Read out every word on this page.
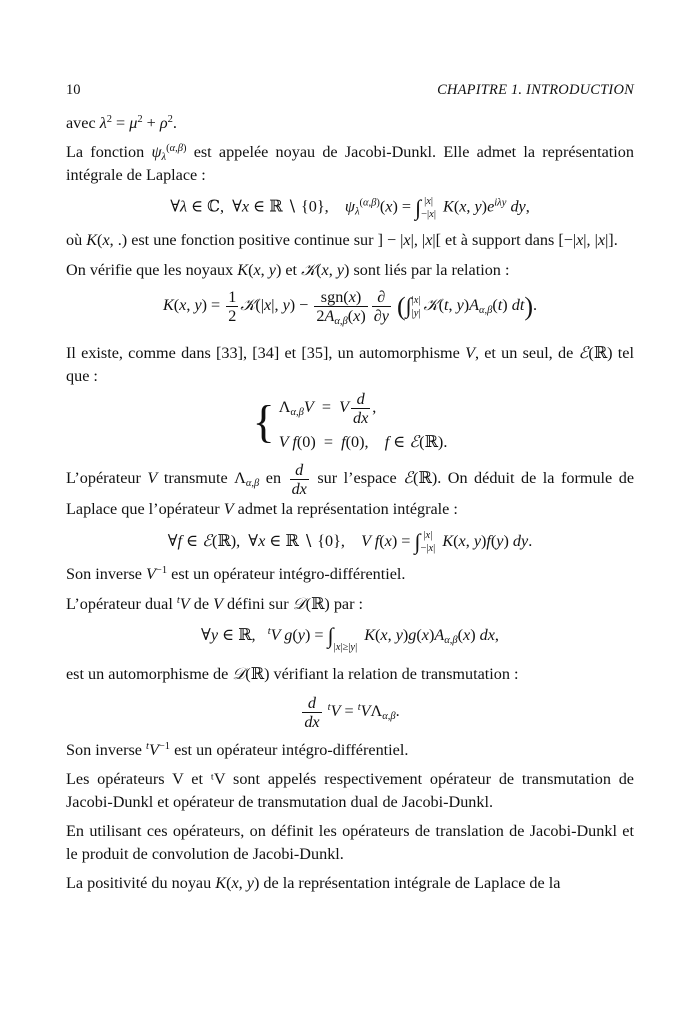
10	CHAPITRE 1. INTRODUCTION

avec $\lambda^2 = \mu^2 + \rho^2$.

La fonction $\psi_\lambda^{(\alpha,\beta)}$ est appelée noyau de Jacobi-Dunkl. Elle admet la représentation intégrale de Laplace :

∀λ ∈ ℂ,  ∀x ∈ ℝ ∖ {0},    $\psi_\lambda^{(\alpha,\beta)}(x)$ = ∫ |x|
−|x| K(x, $y)e^{i\lambda y}$ dy,

où K(x, .) est une fonction positive continue sur ] − |x|, |x|[ et à support dans [−|x|, |x|].

On vérifie que les noyaux K(x, y) et 𝒦(x, y) sont liés par la relation :

K(x, $y) = \frac{1}{2}$ 𝒦(|x|, $y) - \frac{\text{sgn(x)}}{2A_{\alpha,\beta}(x)} \frac{\partial}{\partial y}$ (∫ |x|
|y| 𝒦(t, $y)A_{\alpha,\beta}(t)$ dt).

Il existe, comme dans [33], [34] et [35], un automorphisme V, et un seul, de ℰ(ℝ) tel que :

{ $\Lambda_{\alpha,\beta}V = V \frac{d}{dx}$ ,
V f(0)  =  f(0),    f ∈ ℰ(ℝ).

L’opérateur V transmute $\Lambda_{\alpha,\beta}$ en $\frac{d}{dx}$ sur l’espace ℰ(ℝ). On déduit de la formule de Laplace que l’opérateur V admet la représentation intégrale :

∀f ∈ ℰ(ℝ),  ∀x ∈ ℝ ∖ {0},    V f(x) = ∫ |x|
−|x| K(x, y)f(y) dy.

Son inverse $V^{-1}$ est un opérateur intégro-différentiel.

L’opérateur dual $^t$V de V défini sur 𝒟(ℝ) par :

∀y ∈ ℝ,   $^t$V g(y) = ∫|x|≥|y| K(x, $y)g(x)A_{\alpha,\beta}(x)$ dx,

est un automorphisme de 𝒟(ℝ) vérifiant la relation de transmutation :

$\frac{d}{dx} ^tV = ^tV\Lambda_{\alpha,\beta}$.

Son inverse $^tV^{-1}$ est un opérateur intégro-différentiel.

Les opérateurs V et ᵗV sont appelés respectivement opérateur de transmutation de Jacobi-Dunkl et opérateur de transmutation dual de Jacobi-Dunkl.

En utilisant ces opérateurs, on définit les opérateurs de translation de Jacobi-Dunkl et le produit de convolution de Jacobi-Dunkl.

La positivité du noyau K(x, y) de la représentation intégrale de Laplace de la
